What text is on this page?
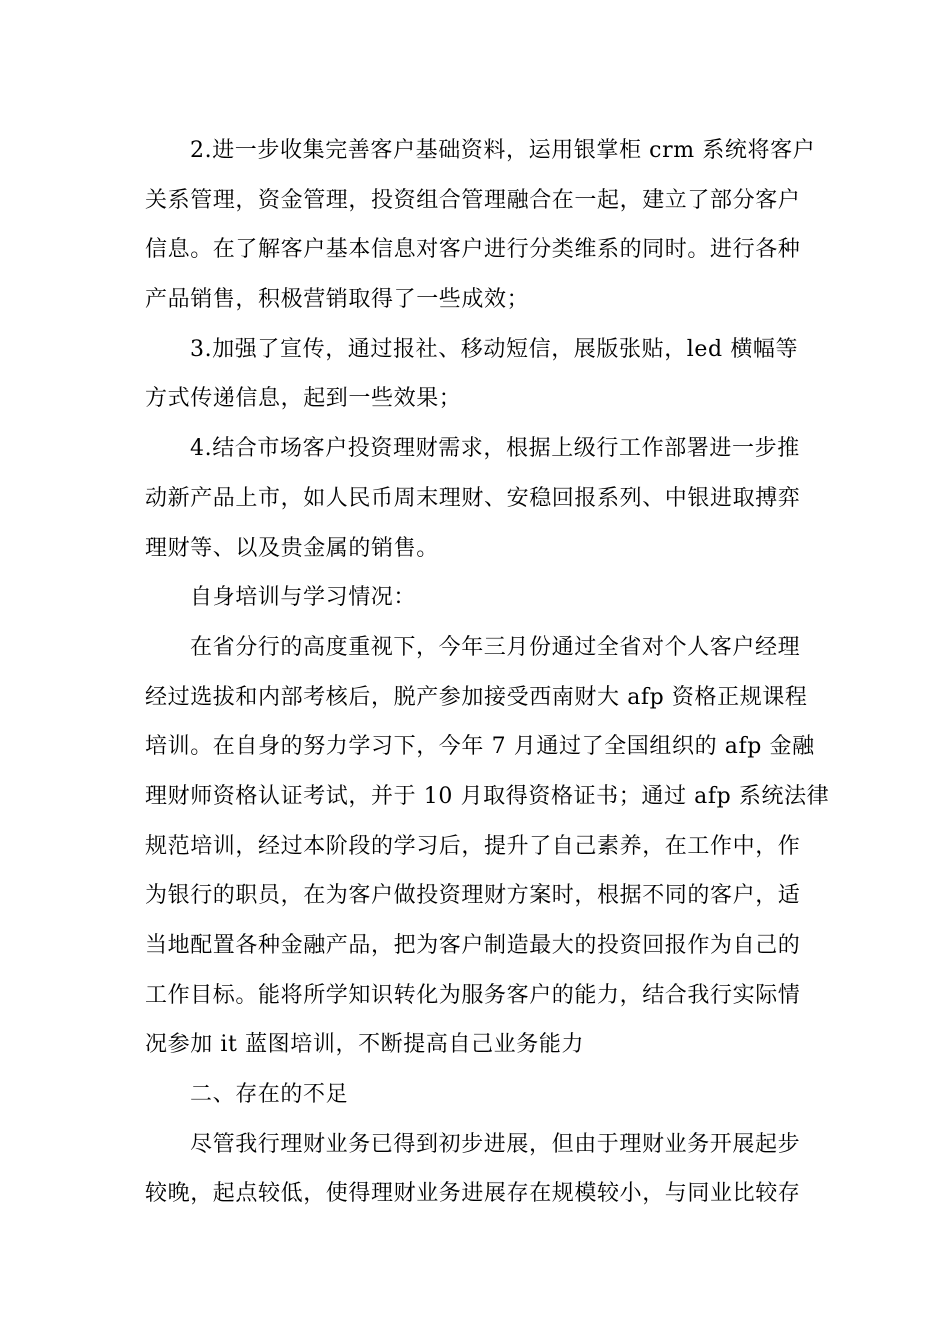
2.进一步收集完善客户基础资料，运用银掌柜 crm 系统将客户
关系管理，资金管理，投资组合管理融合在一起，建立了部分客户
信息。在了解客户基本信息对客户进行分类维系的同时。进行各种
产品销售，积极营销取得了一些成效；

3.加强了宣传，通过报社、移动短信，展版张贴，led 横幅等
方式传递信息，起到一些效果；

4.结合市场客户投资理财需求，根据上级行工作部署进一步推
动新产品上市，如人民币周末理财、安稳回报系列、中银进取搏弈
理财等、以及贵金属的销售。

自身培训与学习情况：

在省分行的高度重视下，今年三月份通过全省对个人客户经理
经过选拔和内部考核后，脱产参加接受西南财大 afp 资格正规课程
培训。在自身的努力学习下，今年 7 月通过了全国组织的 afp 金融
理财师资格认证考试，并于 10 月取得资格证书；通过 afp 系统法律
规范培训，经过本阶段的学习后，提升了自己素养，在工作中，作
为银行的职员，在为客户做投资理财方案时，根据不同的客户，适
当地配置各种金融产品，把为客户制造最大的投资回报作为自己的
工作目标。能将所学知识转化为服务客户的能力，结合我行实际情
况参加 it 蓝图培训，不断提高自己业务能力

二、存在的不足

尽管我行理财业务已得到初步进展，但由于理财业务开展起步
较晚，起点较低，使得理财业务进展存在规模较小，与同业比较存
